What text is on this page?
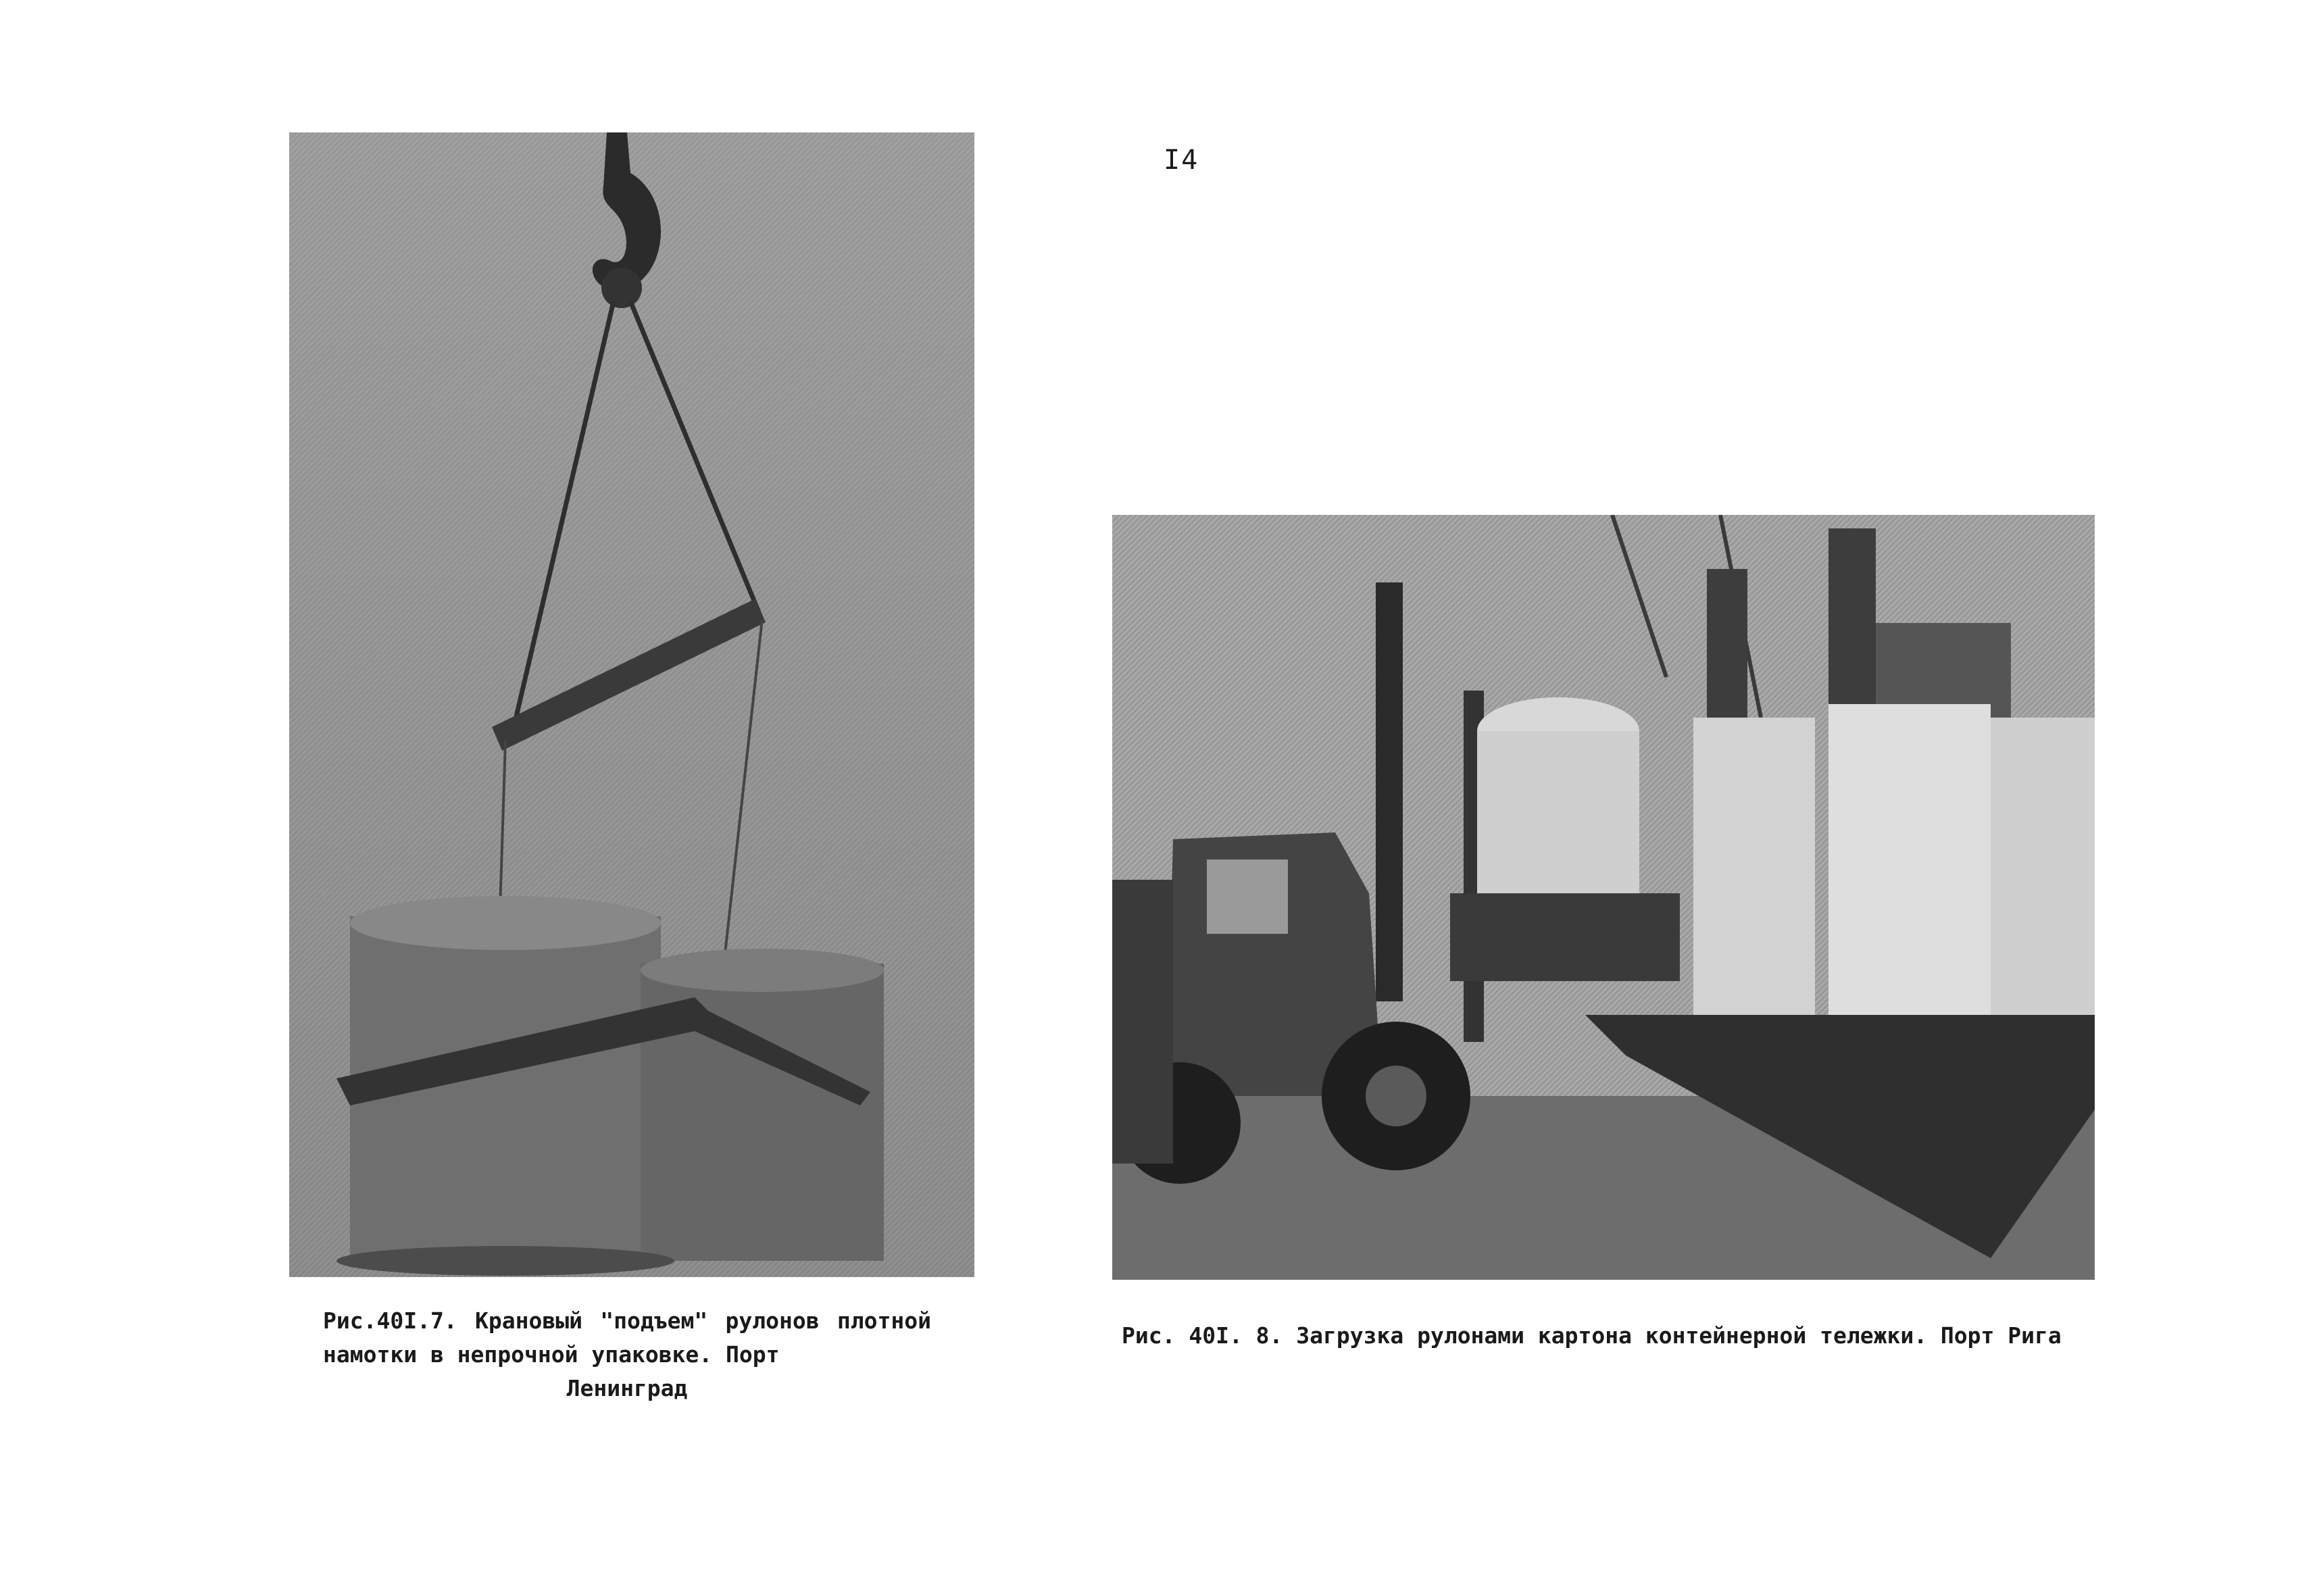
I4
Рис.40I.7. Крановый "подъем" рулонов плотной намотки в непрочной упаковке. Порт
Ленинград
Рис. 40I. 8. Загрузка рулонами картона контейнерной тележки. Порт Рига
